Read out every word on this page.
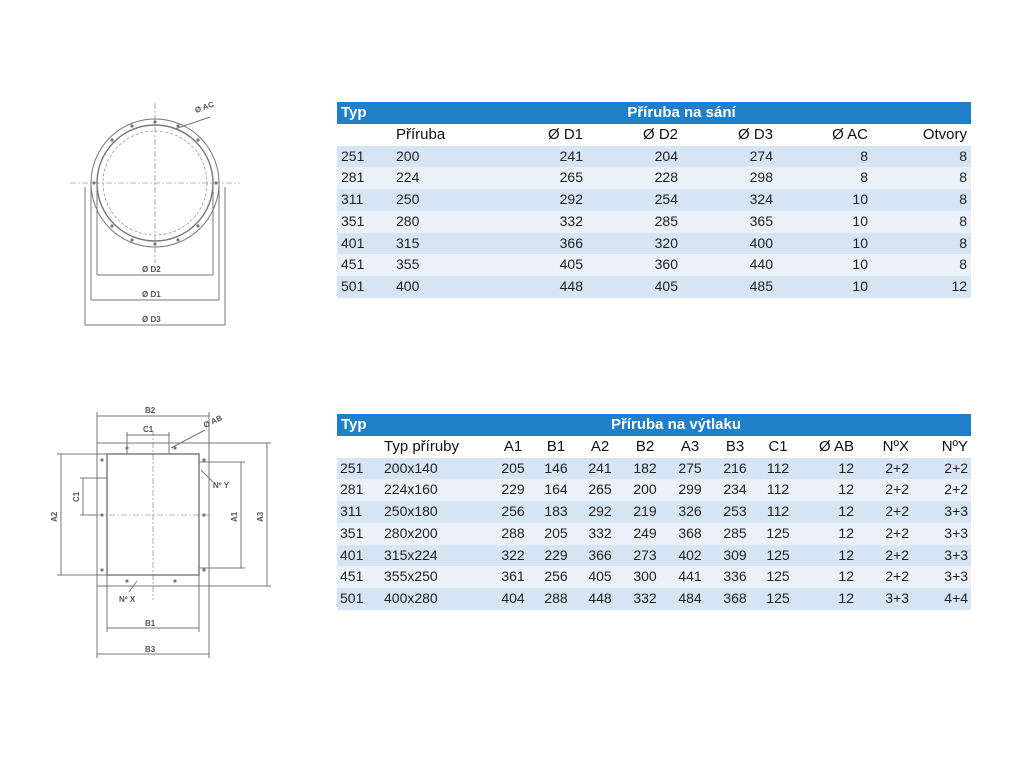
Ø AC
Ø D2
Ø D1
Ø D3
B2
C1	Ø AB
Nº Y
C1
A2	A1 A3
Nº X
B1
B3
Typ	Příruba na sání					
	Příruba	Ø D1	Ø D2	Ø D3	Ø AC	Otvory
251	200	241	204	274	8	8
281	224	265	228	298	8	8
311	250	292	254	324	10	8
351	280	332	285	365	10	8
401	315	366	320	400	10	8
451	355	405	360	440	10	8
501	400	448	405	485	10	12
Typ	Příruba na výtlaku										
	Typ příruby	A1	B1	A2	B2	A3	B3	C1	Ø AB	NºX	NºY
251	200x140	205	146	241	182	275	216	112	12	2+2	2+2
281	224x160	229	164	265	200	299	234	112	12	2+2	2+2
311	250x180	256	183	292	219	326	253	112	12	2+2	3+3
351	280x200	288	205	332	249	368	285	125	12	2+2	3+3
401	315x224	322	229	366	273	402	309	125	12	2+2	3+3
451	355x250	361	256	405	300	441	336	125	12	2+2	3+3
501	400x280	404	288	448	332	484	368	125	12	3+3	4+4
